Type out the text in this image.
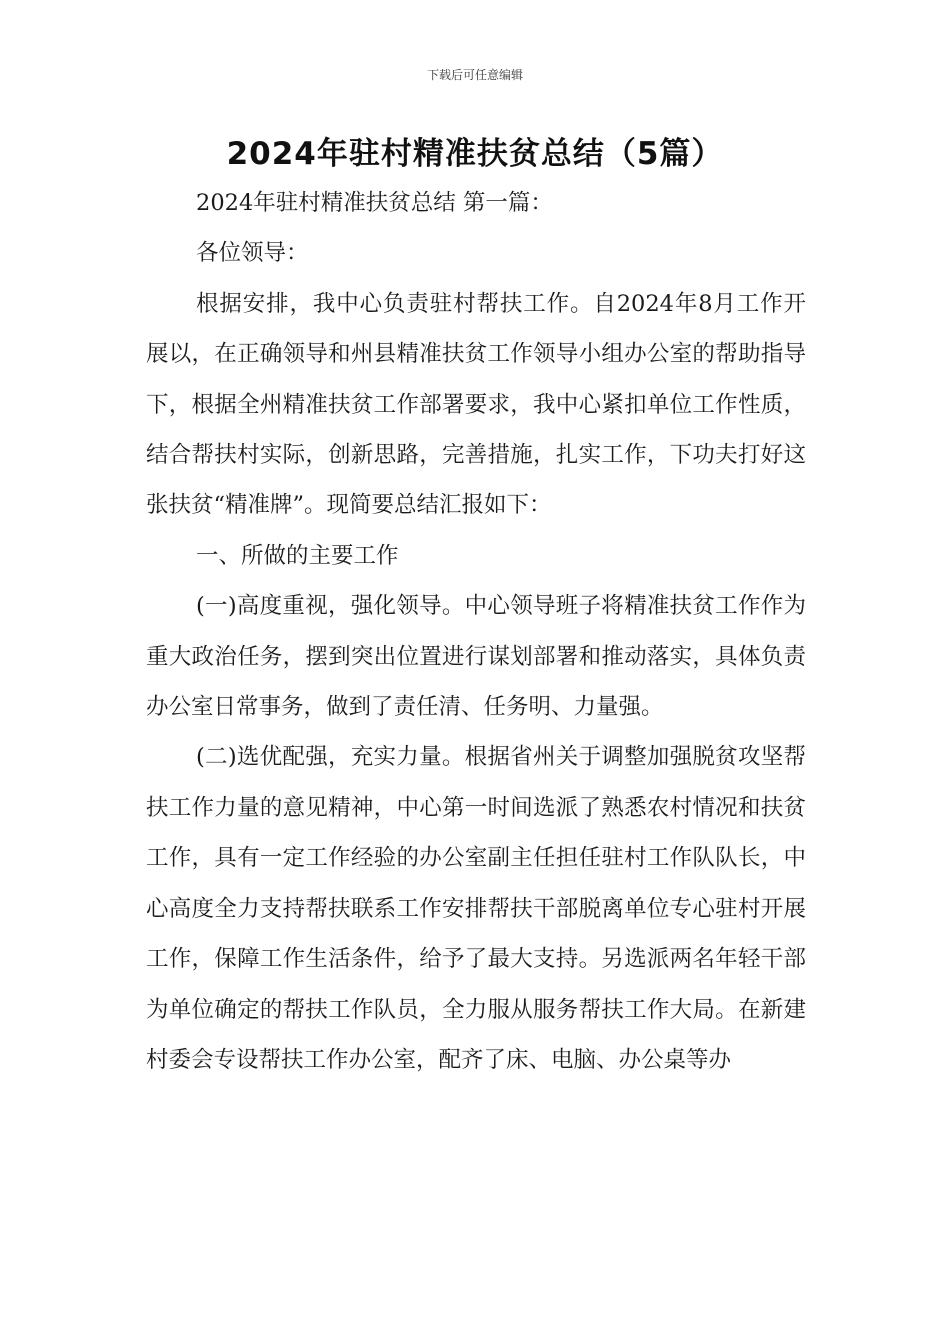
下载后可任意编辑
2024年驻村精准扶贫总结（5篇）

2024年驻村精准扶贫总结 第一篇：

各位领导：

根据安排，我中心负责驻村帮扶工作。自2024年8月工作开展以，在正确领导和州县精准扶贫工作领导小组办公室的帮助指导下，根据全州精准扶贫工作部署要求，我中心紧扣单位工作性质，结合帮扶村实际，创新思路，完善措施，扎实工作，下功夫打好这张扶贫“精准牌”。现简要总结汇报如下：

一、所做的主要工作

(一)高度重视，强化领导。中心领导班子将精准扶贫工作作为重大政治任务，摆到突出位置进行谋划部署和推动落实，具体负责办公室日常事务，做到了责任清、任务明、力量强。

(二)选优配强，充实力量。根据省州关于调整加强脱贫攻坚帮扶工作力量的意见精神，中心第一时间选派了熟悉农村情况和扶贫工作，具有一定工作经验的办公室副主任担任驻村工作队队长，中心高度全力支持帮扶联系工作安排帮扶干部脱离单位专心驻村开展工作，保障工作生活条件，给予了最大支持。另选派两名年轻干部为单位确定的帮扶工作队员，全力服从服务帮扶工作大局。在新建村委会专设帮扶工作办公室，配齐了床、电脑、办公桌等办
